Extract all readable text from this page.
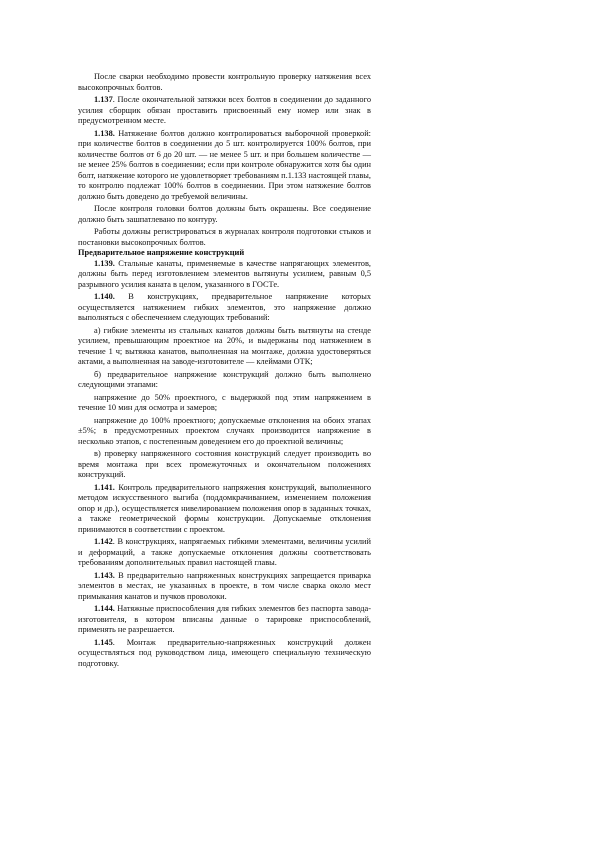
После сварки необходимо провести контрольную проверку натяжения всех высокопрочных болтов.

1.137. После окончательной затяжки всех болтов в соединении до заданного усилия сборщик обязан проставить присвоенный ему номер или знак в предусмотренном месте.

1.138. Натяжение болтов должно контролироваться выборочной проверкой: при количестве болтов в соединении до 5 шт. контролируется 100% болтов, при количестве болтов от 6 до 20 шт. — не менее 5 шт. и при большем количестве — не менее 25% болтов в соединении; если при контроле обнаружится хотя бы один болт, натяжение которого не удовлетворяет требованиям п.1.133 настоящей главы, то контролю подлежат 100% болтов в соединении. При этом натяжение болтов должно быть доведено до требуемой величины.

После контроля головки болтов должны быть окрашены. Все соединение должно быть зашпатлевано по контуру.

Работы должны регистрироваться в журналах контроля подготовки стыков и постановки высокопрочных болтов.

Предварительное напряжение конструкций

1.139. Стальные канаты, применяемые в качестве напрягающих элементов, должны быть перед изготовлением элементов вытянуты усилием, равным 0,5 разрывного усилия каната в целом, указанного в ГОСТе.

1.140. В конструкциях, предварительное напряжение которых осуществляется натяжением гибких элементов, это напряжение должно выполняться с обеспечением следующих требований:

а) гибкие элементы из стальных канатов должны быть вытянуты на стенде усилием, превышающим проектное на 20%, и выдержаны под натяжением в течение 1 ч; вытяжка канатов, выполненная на монтаже, должна удостоверяться актами, а выполненная на заводе-изготовителе — клеймами ОТК;

б) предварительное напряжение конструкций должно быть выполнено следующими этапами:

напряжение до 50% проектного, с выдержкой под этим напряжением в течение 10 мин для осмотра и замеров;

напряжение до 100% проектного; допускаемые отклонения на обоих этапах ±5%; в предусмотренных проектом случаях производится напряжение в несколько этапов, с постепенным доведением его до проектной величины;

в) проверку напряженного состояния конструкций следует производить во время монтажа при всех промежуточных и окончательном положениях конструкций.

1.141. Контроль предварительного напряжения конструкций, выполненного методом искусственного выгиба (поддомкрачиванием, изменением положения опор и др.), осуществляется нивелированием положения опор в заданных точках, а также геометрической формы конструкции. Допускаемые отклонения принимаются в соответствии с проектом.

1.142. В конструкциях, напрягаемых гибкими элементами, величины усилий и деформаций, а также допускаемые отклонения должны соответствовать требованиям дополнительных правил настоящей главы.

1.143. В предварительно напряженных конструкциях запрещается приварка элементов в местах, не указанных в проекте, в том числе сварка около мест примыкания канатов и пучков проволоки.

1.144. Натяжные приспособления для гибких элементов без паспорта завода-изготовителя, в котором вписаны данные о тарировке приспособлений, применять не разрешается.

1.145. Монтаж предварительно-напряженных конструкций должен осуществляться под руководством лица, имеющего специальную техническую подготовку.
